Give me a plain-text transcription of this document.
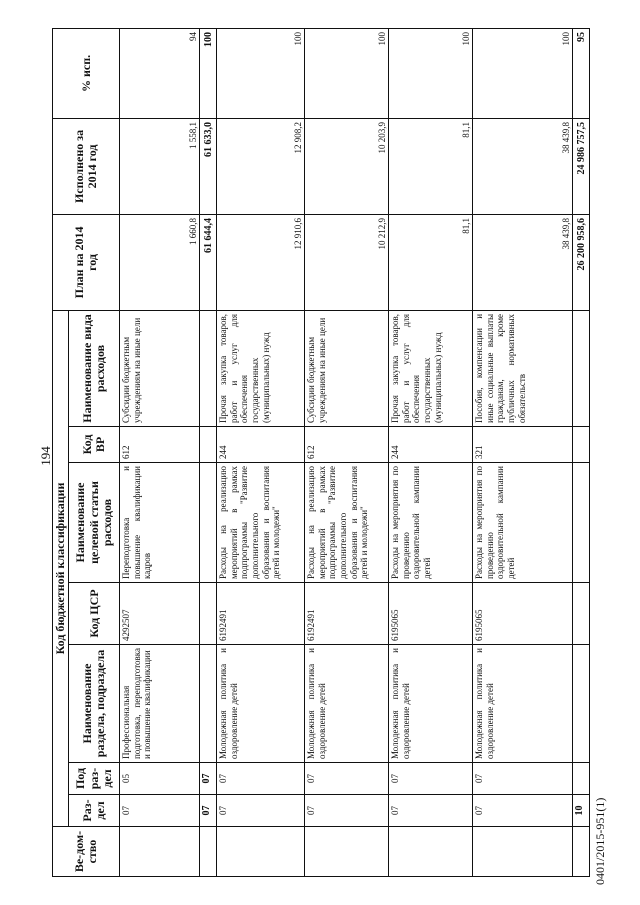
194
Ве-дом-ство	Код бюджетной классификации							План на 2014 год	Исполнено за 2014 год	% исп.
	Раз-дел	Под раз-дел	Наименование раздела, подраздела	Код ЦСР	Наименование целевой статьи расходов	Код ВР	Наименование вида расходов			
	07	05	Профессиональная подготовка, переподготовка и повышение квалификации	4292507	Переподготовка и повышение квалификации кадров	612	Субсидии бюджетным учреждениям на иные цели	1 660,8	1 558,1	94
	07	07						61 644,4	61 633,0	100
	07	07	Молодежная политика и оздоровление детей	6192491	Расходы на реализацию мероприятий в рамках подпрограммы "Развитие дополнительного образования и воспитания детей и молодежи"	244	Прочая закупка товаров, работ и услуг для обеспечения государственных (муниципальных) нужд	12 910,6	12 908,2	100
	07	07	Молодежная политика и оздоровление детей	6192491	Расходы на реализацию мероприятий в рамках подпрограммы "Развитие дополнительного образования и воспитания детей и молодежи"	612	Субсидии бюджетным учреждениям на иные цели	10 212,9	10 203,9	100
	07	07	Молодежная политика и оздоровление детей	6195065	Расходы на мероприятия по проведению оздоровительной кампании детей	244	Прочая закупка товаров, работ и услуг для обеспечения государственных (муниципальных) нужд	81,1	81,1	100
	07	07	Молодежная политика и оздоровление детей	6195065	Расходы на мероприятия по проведению оздоровительной кампании детей	321	Пособия, компенсации и иные социальные выплаты гражданам, кроме публичных нормативных обязательств	38 439,8	38 439,8	100
	10							26 200 958,6	24 986 757,5	95
0401/2015-951(1)
